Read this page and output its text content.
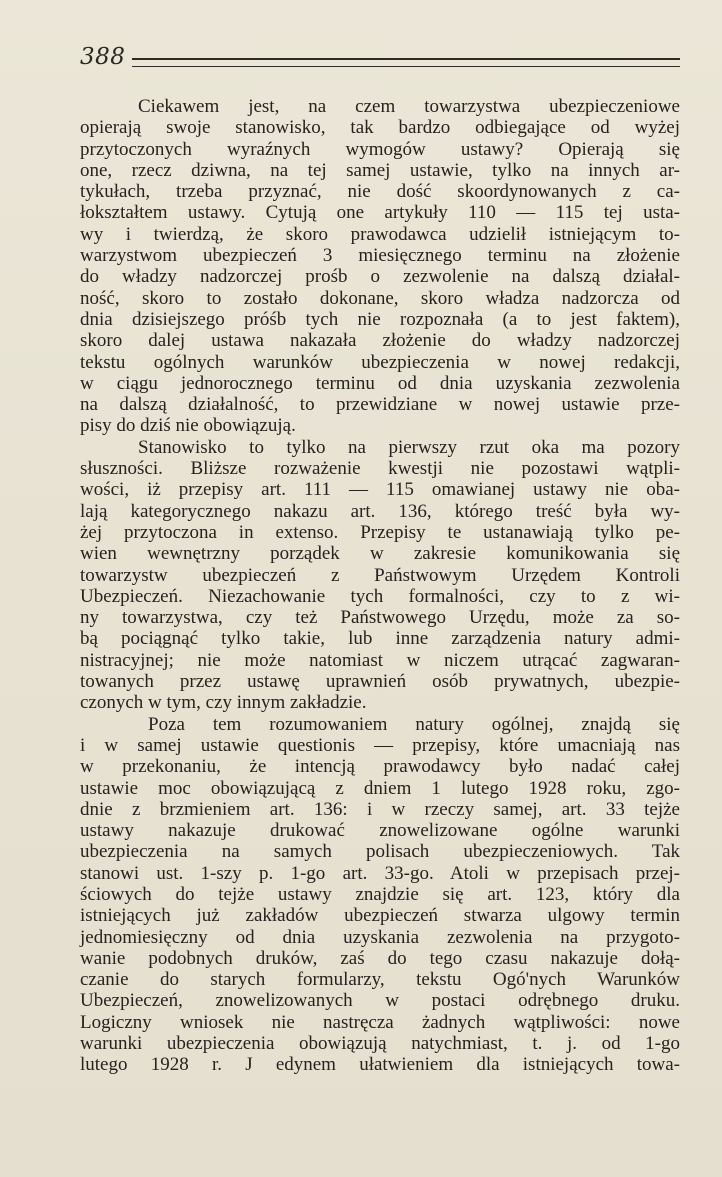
388
Ciekawem jest, na czem towarzystwa ubezpieczeniowe
opierają swoje stanowisko, tak bardzo odbiegające od wyżej
przytoczonych wyraźnych wymogów ustawy? Opierają się
one, rzecz dziwna, na tej samej ustawie, tylko na innych ar-
tykułach, trzeba przyznać, nie dość skoordynowanych z ca-
łokształtem ustawy. Cytują one artykuły 110 — 115 tej usta-
wy i twierdzą, że skoro prawodawca udzielił istniejącym to-
warzystwom ubezpieczeń 3 miesięcznego terminu na złożenie
do władzy nadzorczej prośb o zezwolenie na dalszą działal-
ność, skoro to zostało dokonane, skoro władza nadzorcza od
dnia dzisiejszego próśb tych nie rozpoznała (a to jest faktem),
skoro dalej ustawa nakazała złożenie do władzy nadzorczej
tekstu ogólnych warunków ubezpieczenia w nowej redakcji,
w ciągu jednorocznego terminu od dnia uzyskania zezwolenia
na dalszą działalność, to przewidziane w nowej ustawie prze-
pisy do dziś nie obowiązują.
Stanowisko to tylko na pierwszy rzut oka ma pozory
słuszności. Bliższe rozważenie kwestji nie pozostawi wątpli-
wości, iż przepisy art. 111 — 115 omawianej ustawy nie oba-
lają kategorycznego nakazu art. 136, którego treść była wy-
żej przytoczona in extenso. Przepisy te ustanawiają tylko pe-
wien wewnętrzny porządek w zakresie komunikowania się
towarzystw ubezpieczeń z Państwowym Urzędem Kontroli
Ubezpieczeń. Niezachowanie tych formalności, czy to z wi-
ny towarzystwa, czy też Państwowego Urzędu, może za so-
bą pociągnąć tylko takie, lub inne zarządzenia natury admi-
nistracyjnej; nie może natomiast w niczem utrącać zagwaran-
towanych przez ustawę uprawnień osób prywatnych, ubezpie-
czonych w tym, czy innym zakładzie.
Poza tem rozumowaniem natury ogólnej, znajdą się
i w samej ustawie questionis — przepisy, które umacniają nas
w przekonaniu, że intencją prawodawcy było nadać całej
ustawie moc obowiązującą z dniem 1 lutego 1928 roku, zgo-
dnie z brzmieniem art. 136: i w rzeczy samej, art. 33 tejże
ustawy nakazuje drukować znowelizowane ogólne warunki
ubezpieczenia na samych polisach ubezpieczeniowych. Tak
stanowi ust. 1-szy p. 1-go art. 33-go. Atoli w przepisach przej-
ściowych do tejże ustawy znajdzie się art. 123, który dla
istniejących już zakładów ubezpieczeń stwarza ulgowy termin
jednomiesięczny od dnia uzyskania zezwolenia na przygoto-
wanie podobnych druków, zaś do tego czasu nakazuje dołą-
czanie do starych formularzy, tekstu Ogó'nych Warunków
Ubezpieczeń, znowelizowanych w postaci odrębnego druku.
Logiczny wniosek nie nastręcza żadnych wątpliwości: nowe
warunki ubezpieczenia obowiązują natychmiast, t. j. od 1-go
lutego 1928 r. J edynem ułatwieniem dla istniejących towa-
